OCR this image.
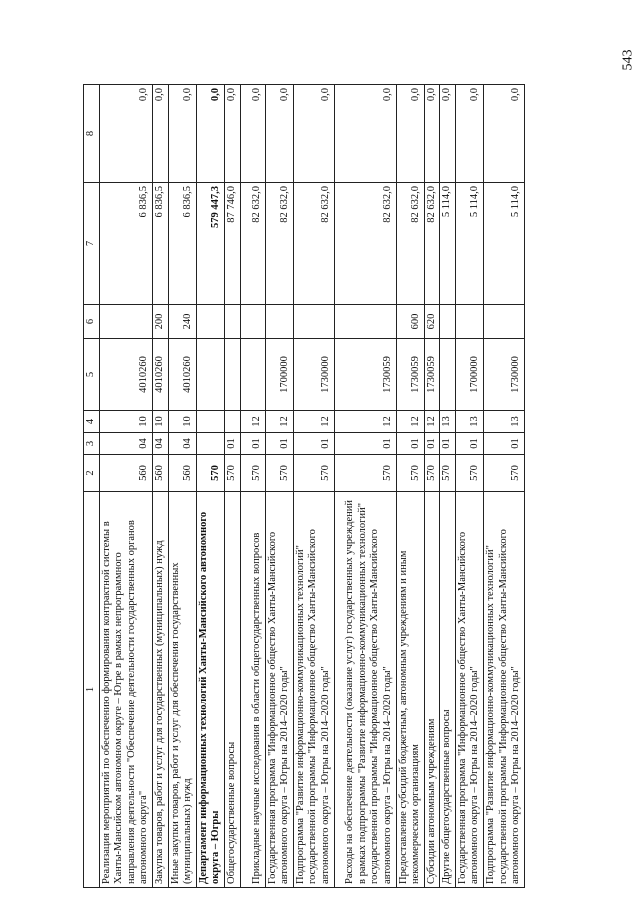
543
1	2	3	4	5	6	7	8
Реализация мероприятий по обеспечению формирования контрактной системы в Ханты-Мансийском автономном округе – Югре в рамках непрограммного направления деятельности "Обеспечение деятельности государственных органов автономного округа"	560	04	10	4010260		6 836,5	0,0
Закупка товаров, работ и услуг для государственных (муниципальных) нужд	560	04	10	4010260	200	6 836,5	0,0
Иные закупки товаров, работ и услуг для обеспечения государственных (муниципальных) нужд	560	04	10	4010260	240	6 836,5	0,0
Департамент информационных технологий Ханты-Мансийского автономного округа – Югры	570					579 447,3	0,0
Общегосударственные вопросы	570	01				87 746,0	0,0
Прикладные научные исследования в области общегосударственных вопросов	570	01	12			82 632,0	0,0
Государственная программа "Информационное общество Ханты-Мансийского автономного округа – Югры на 2014–2020 годы"	570	01	12	1700000		82 632,0	0,0
Подпрограмма "Развитие информационно-коммуникационных технологий" государственной программы "Информационное общество Ханты-Мансийского автономного округа – Югры на 2014–2020 годы"	570	01	12	1730000		82 632,0	0,0
Расходы на обеспечение деятельности (оказание услуг) государственных учреждений в рамках подпрограммы "Развитие информационно-коммуникационных технологий" государственной программы "Информационное общество Ханты-Мансийского автономного округа – Югры на 2014–2020 годы"	570	01	12	1730059		82 632,0	0,0
Предоставление субсидий бюджетным, автономным учреждениям и иным некоммерческим организациям	570	01	12	1730059	600	82 632,0	0,0
Субсидии автономным учреждениям	570	01	12	1730059	620	82 632,0	0,0
Другие общегосударственные вопросы	570	01	13			5 114,0	0,0
Государственная программа "Информационное общество Ханты-Мансийского автономного округа – Югры на 2014–2020 годы"	570	01	13	1700000		5 114,0	0,0
Подпрограмма "Развитие информационно-коммуникационных технологий" государственной программы "Информационное общество Ханты-Мансийского автономного округа – Югры на 2014–2020 годы"	570	01	13	1730000		5 114,0	0,0
